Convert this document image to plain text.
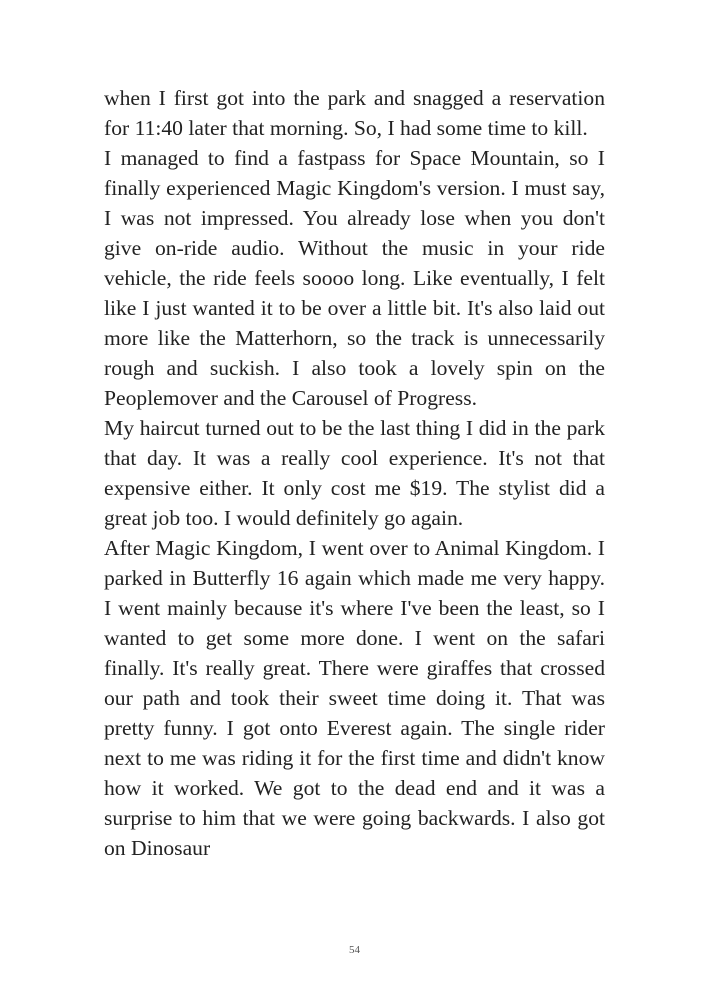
when I first got into the park and snagged a reservation for 11:40 later that morning. So, I had some time to kill.

I managed to find a fastpass for Space Mountain, so I finally experienced Magic Kingdom's version. I must say, I was not impressed. You already lose when you don't give on-ride audio. Without the music in your ride vehicle, the ride feels soooo long. Like eventually, I felt like I just wanted it to be over a little bit. It's also laid out more like the Matterhorn, so the track is unnecessarily rough and suckish. I also took a lovely spin on the Peoplemover and the Carousel of Progress.

My haircut turned out to be the last thing I did in the park that day. It was a really cool experience. It's not that expensive either. It only cost me $19. The stylist did a great job too. I would definitely go again.

After Magic Kingdom, I went over to Animal Kingdom. I parked in Butterfly 16 again which made me very happy. I went mainly because it's where I've been the least, so I wanted to get some more done. I went on the safari finally. It's really great. There were giraffes that crossed our path and took their sweet time doing it. That was pretty funny. I got onto Everest again. The single rider next to me was riding it for the first time and didn't know how it worked. We got to the dead end and it was a surprise to him that we were going backwards. I also got on Dinosaur

54
